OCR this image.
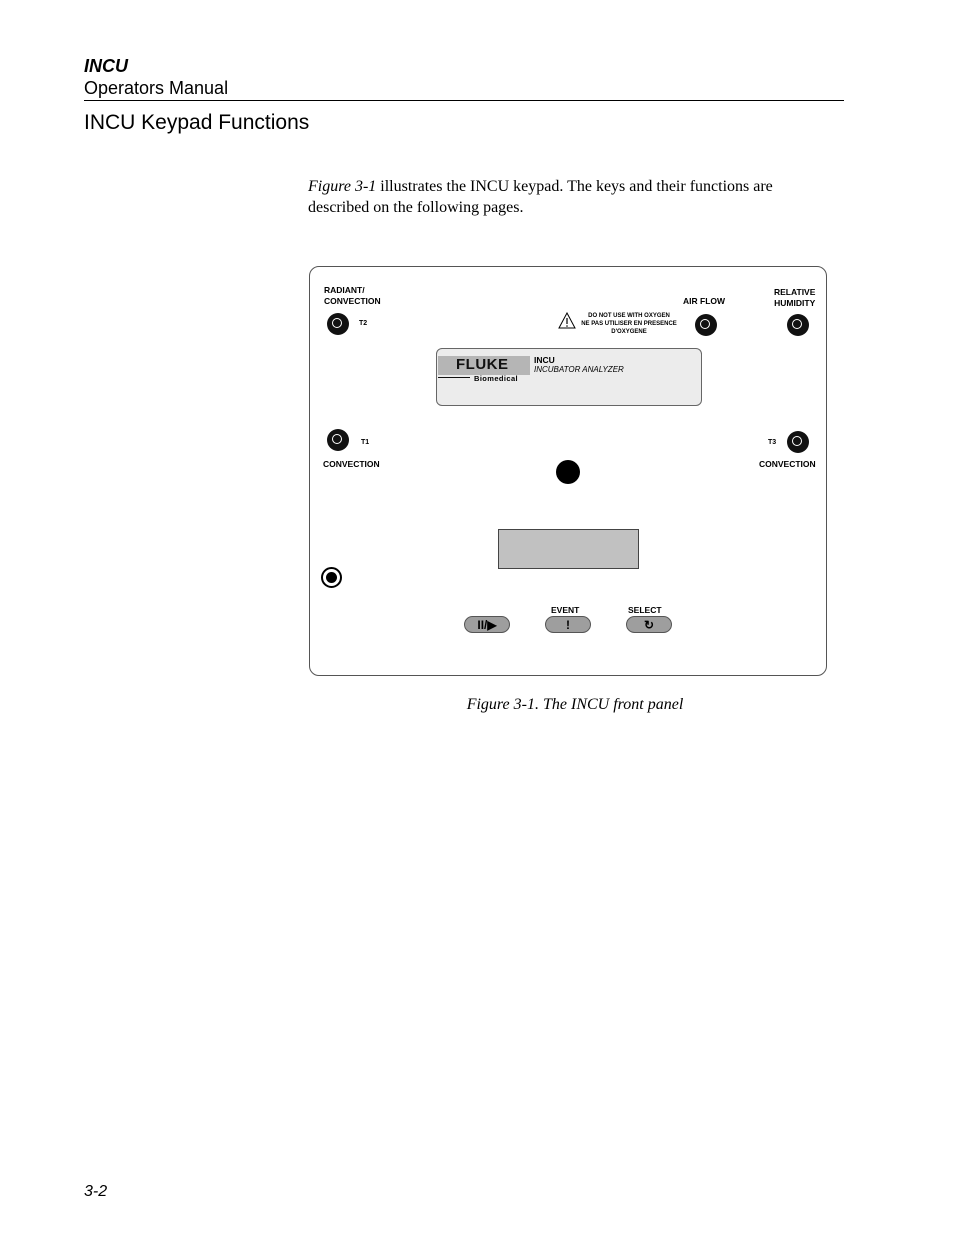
INCU
Operators Manual
INCU Keypad Functions
Figure 3-1 illustrates the INCU keypad. The keys and their functions are described on the following pages.
RADIANT/
CONVECTION
T2
DO NOT USE WITH OXYGEN
NE PAS UTILISER EN PRESENCE
D'OXYGENE
AIR FLOW
RELATIVE
HUMIDITY
FLUKE
Biomedical
INCU
INCUBATOR ANALYZER
T1
CONVECTION
T3
CONVECTION
II/▶
EVENT
!
SELECT
↻
Figure 3-1. The INCU front panel
3-2
